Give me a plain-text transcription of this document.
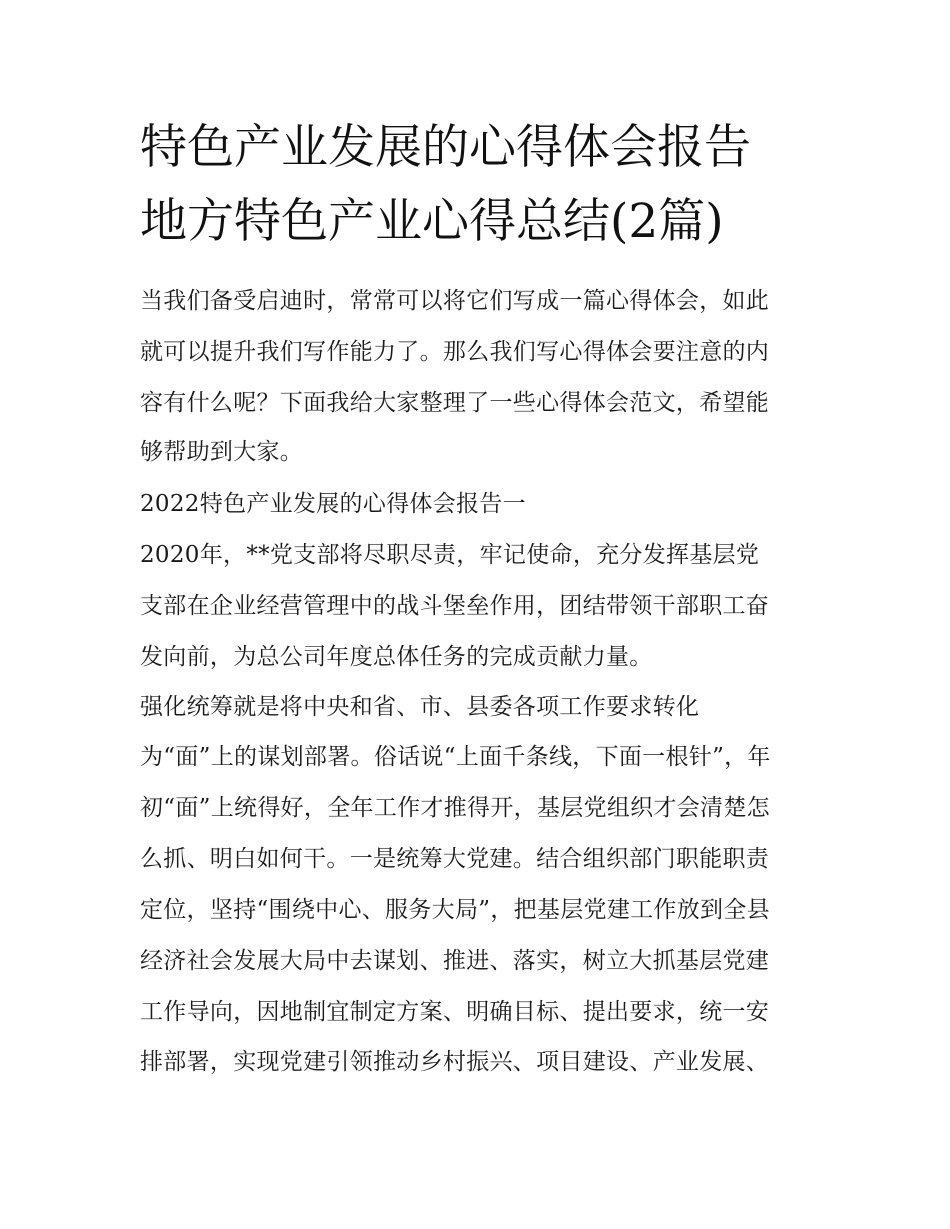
特色产业发展的心得体会报告
地方特色产业心得总结(2篇)
当我们备受启迪时，常常可以将它们写成一篇心得体会，如此
就可以提升我们写作能力了。那么我们写心得体会要注意的内
容有什么呢？下面我给大家整理了一些心得体会范文，希望能
够帮助到大家。
2022特色产业发展的心得体会报告一
2020年，**党支部将尽职尽责，牢记使命，充分发挥基层党
支部在企业经营管理中的战斗堡垒作用，团结带领干部职工奋
发向前，为总公司年度总体任务的完成贡献力量。
强化统筹就是将中央和省、市、县委各项工作要求转化
为“面”上的谋划部署。俗话说“上面千条线，下面一根针”，年
初“面”上统得好，全年工作才推得开，基层党组织才会清楚怎
么抓、明白如何干。一是统筹大党建。结合组织部门职能职责
定位，坚持“围绕中心、服务大局”，把基层党建工作放到全县
经济社会发展大局中去谋划、推进、落实，树立大抓基层党建
工作导向，因地制宜制定方案、明确目标、提出要求，统一安
排部署，实现党建引领推动乡村振兴、项目建设、产业发展、
